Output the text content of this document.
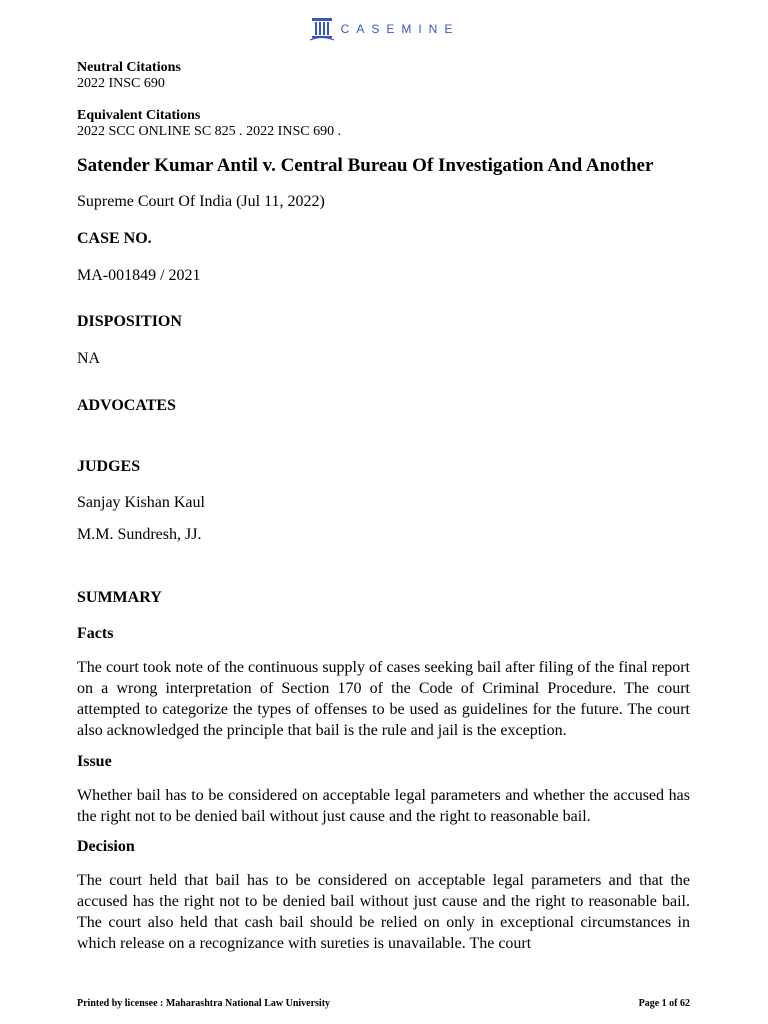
CASEMINE
Neutral Citations
2022 INSC 690
Equivalent Citations
2022 SCC ONLINE SC 825 . 2022 INSC 690 .
Satender Kumar Antil v. Central Bureau Of Investigation And Another
Supreme Court Of India (Jul 11, 2022)
CASE NO.
MA-001849 / 2021
DISPOSITION
NA
ADVOCATES
JUDGES
Sanjay Kishan Kaul
M.M. Sundresh, JJ.
SUMMARY
Facts
The court took note of the continuous supply of cases seeking bail after filing of the final report on a wrong interpretation of Section 170 of the Code of Criminal Procedure. The court attempted to categorize the types of offenses to be used as guidelines for the future. The court also acknowledged the principle that bail is the rule and jail is the exception.
Issue
Whether bail has to be considered on acceptable legal parameters and whether the accused has the right not to be denied bail without just cause and the right to reasonable bail.
Decision
The court held that bail has to be considered on acceptable legal parameters and that the accused has the right not to be denied bail without just cause and the right to reasonable bail. The court also held that cash bail should be relied on only in exceptional circumstances in which release on a recognizance with sureties is unavailable. The court
Printed by licensee : Maharashtra National Law University	Page 1 of 62
